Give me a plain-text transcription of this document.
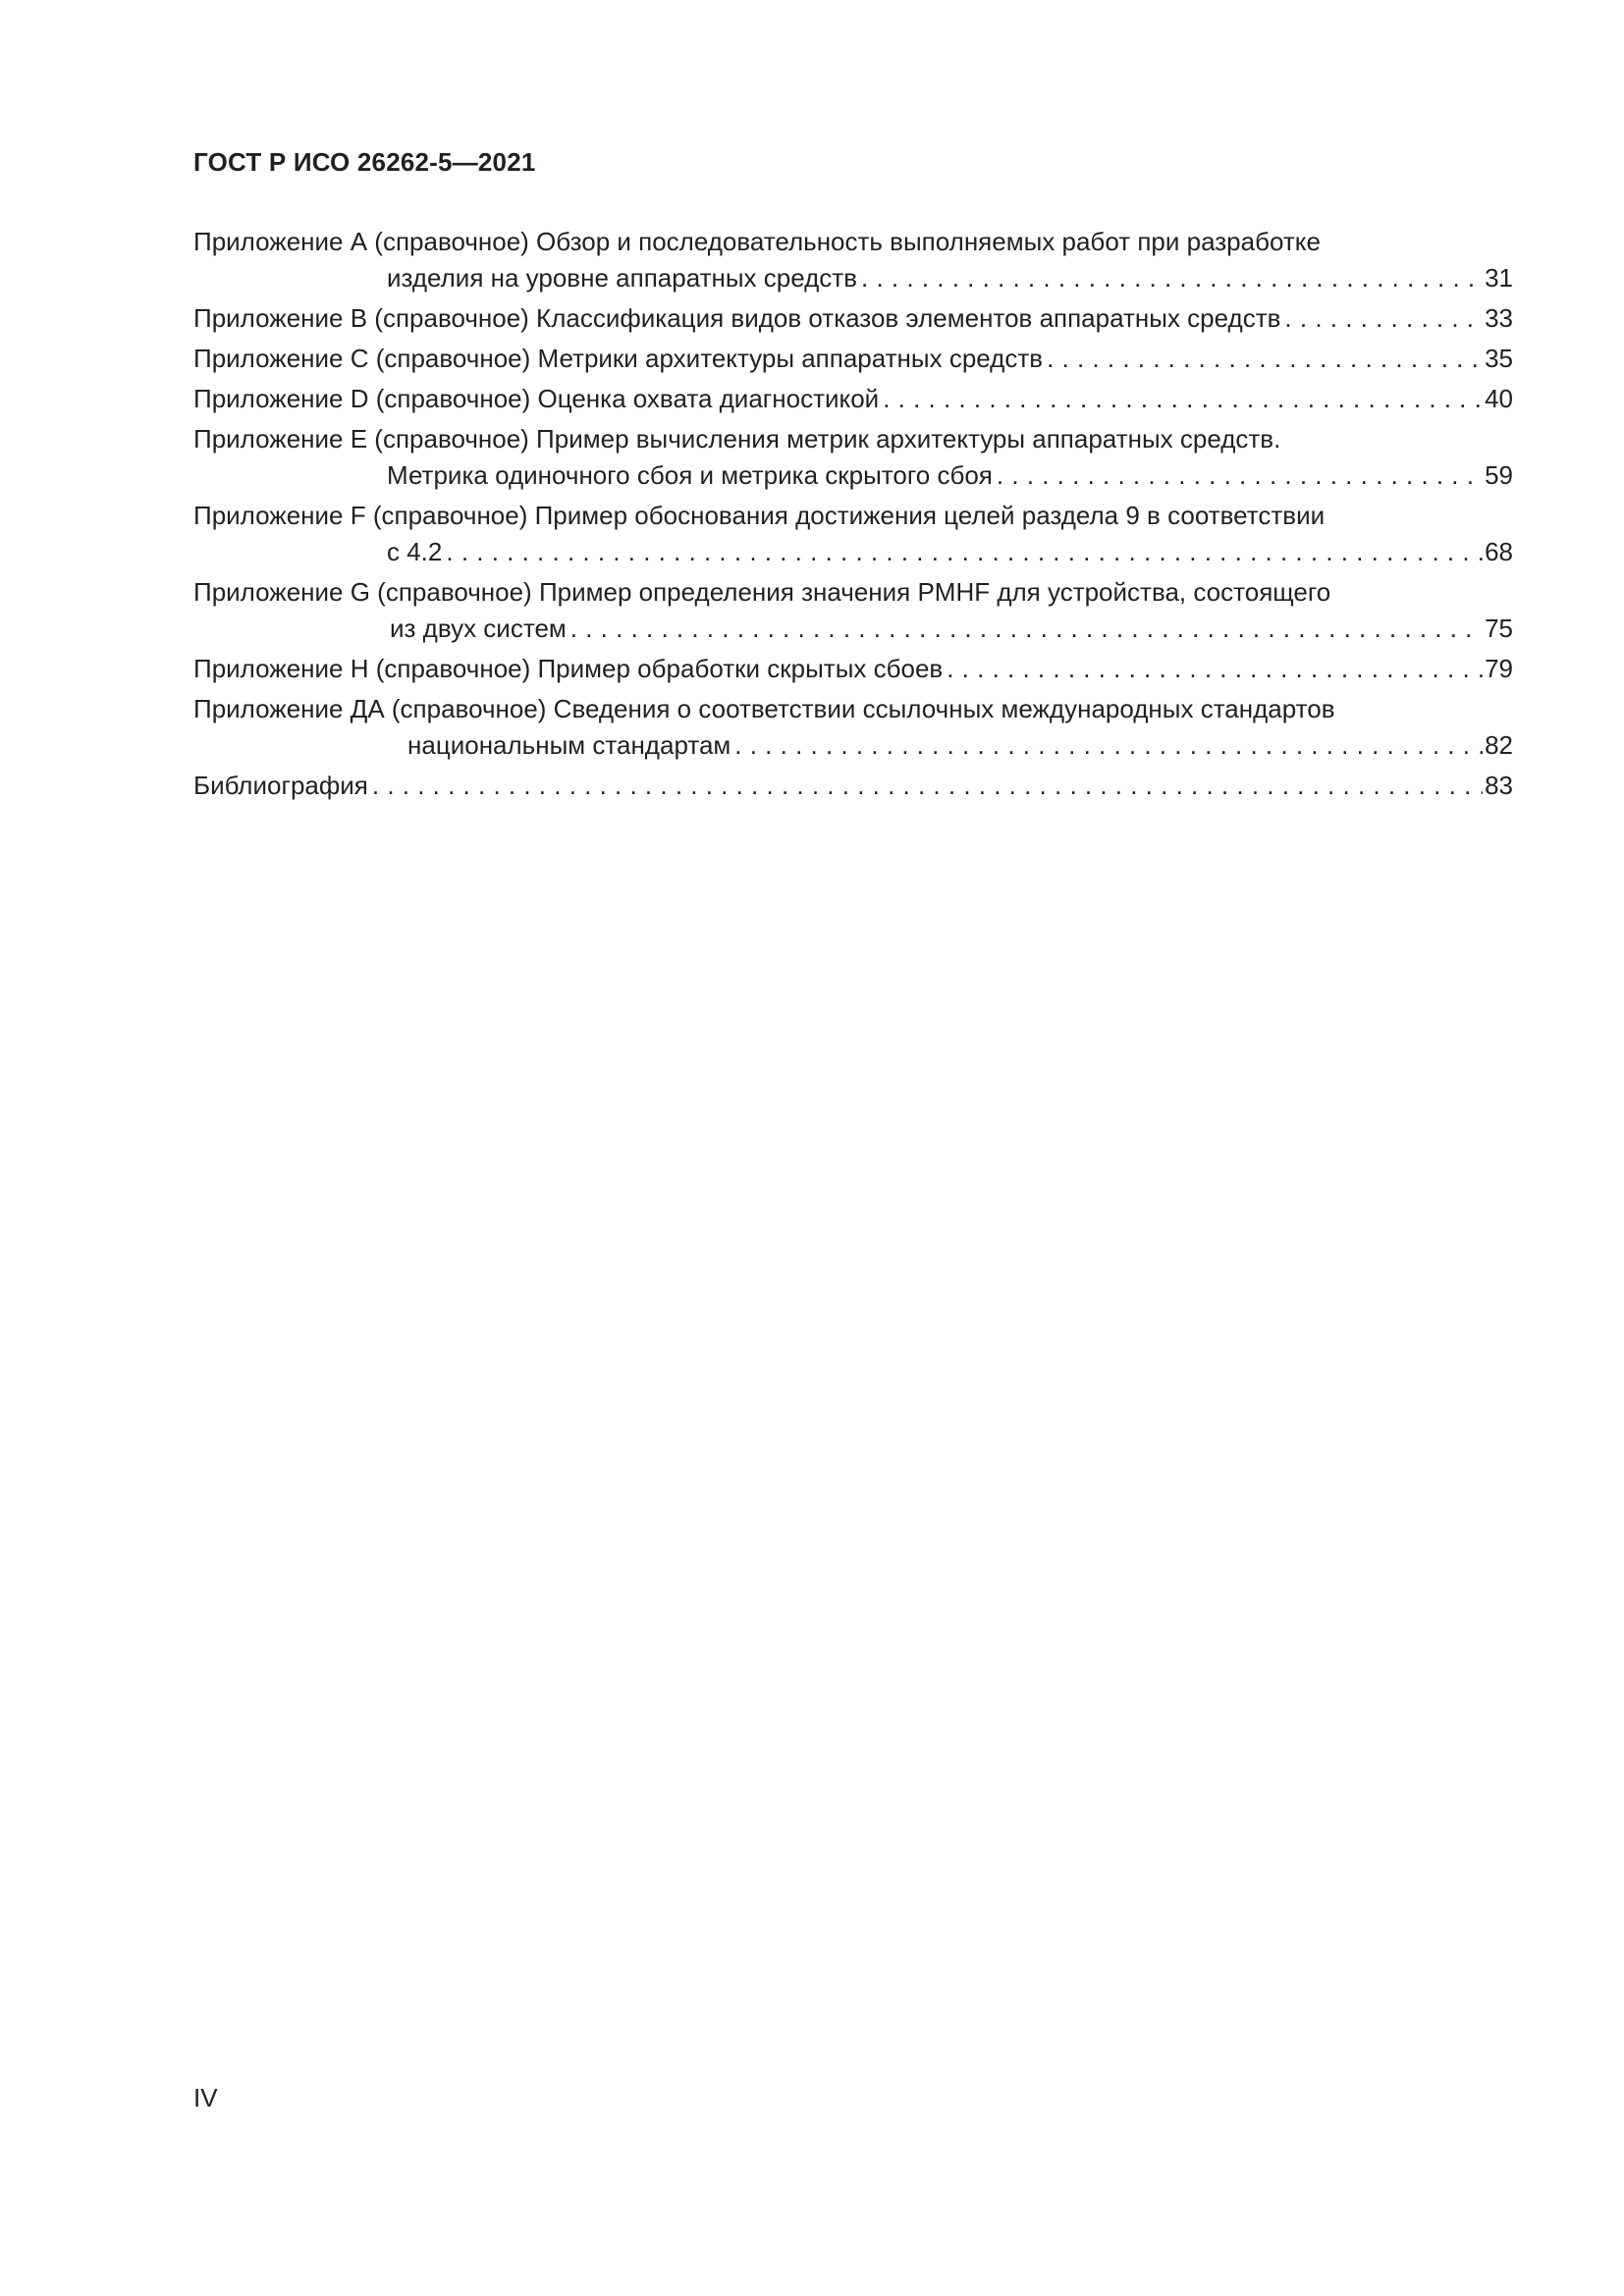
ГОСТ Р ИСО 26262-5—2021
Приложение А (справочное) Обзор и последовательность выполняемых работ при разработке
изделия на уровне аппаратных средств . . .	31
Приложение В (справочное) Классификация видов отказов элементов аппаратных средств . . .	33
Приложение С (справочное) Метрики архитектуры аппаратных средств . . .	35
Приложение D (справочное) Оценка охвата диагностикой . . .	40
Приложение Е (справочное) Пример вычисления метрик архитектуры аппаратных средств.
Метрика одиночного сбоя и метрика скрытого сбоя . . .	59
Приложение F (справочное) Пример обоснования достижения целей раздела 9 в соответствии
с 4.2 . . .	68
Приложение G (справочное) Пример определения значения PMHF для устройства, состоящего
из двух систем . . .	75
Приложение Н (справочное) Пример обработки скрытых сбоев . . .	79
Приложение ДА (справочное) Сведения о соответствии ссылочных международных стандартов
национальным стандартам . . .	82
Библиография . . .	83
IV
